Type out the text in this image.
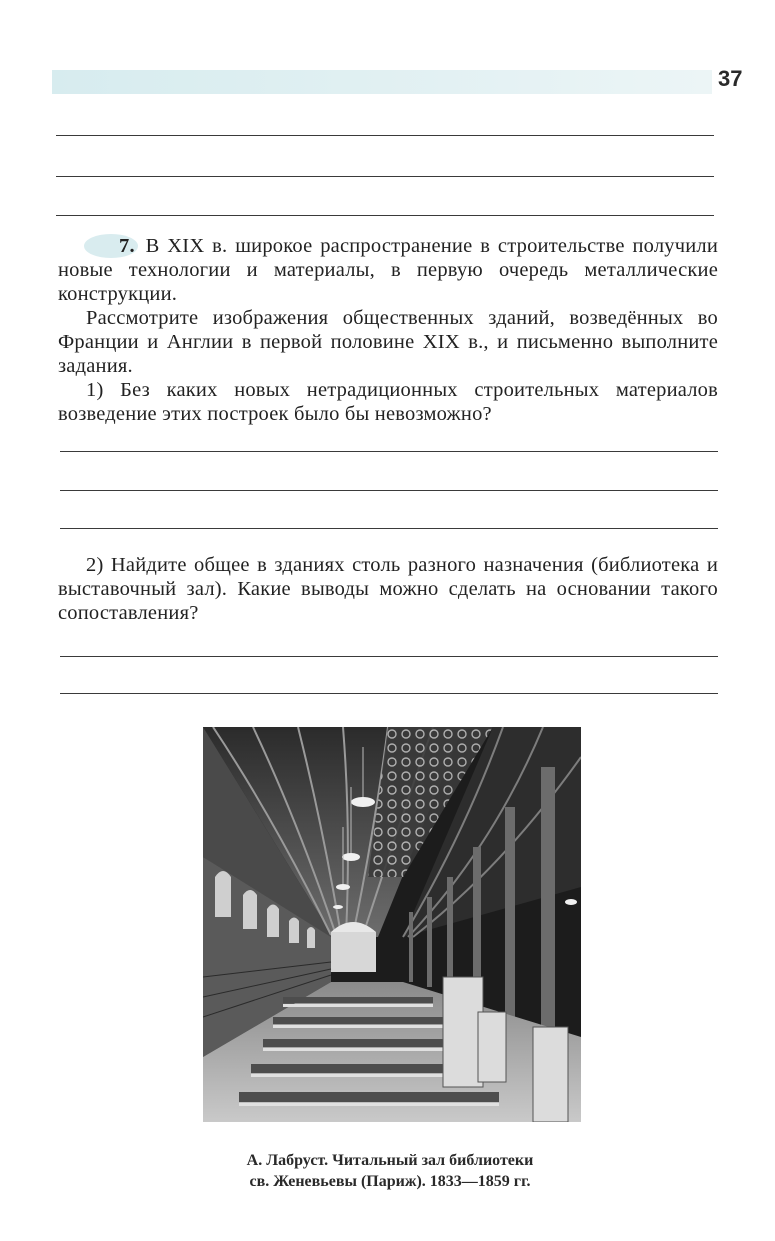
37

7. В XIX в. широкое распространение в строительстве получили новые технологии и материалы, в первую очередь металлические конструкции.

Рассмотрите изображения общественных зданий, возведённых во Франции и Англии в первой половине XIX в., и письменно выполните задания.

1) Без каких новых нетрадиционных строительных материалов возведение этих построек было бы невозможно?

2) Найдите общее в зданиях столь разного назначения (библиотека и выставочный зал). Какие выводы можно сделать на основании такого сопоставления?

А. Лабруст. Читальный зал библиотеки
св. Женевьевы (Париж). 1833—1859 гг.
